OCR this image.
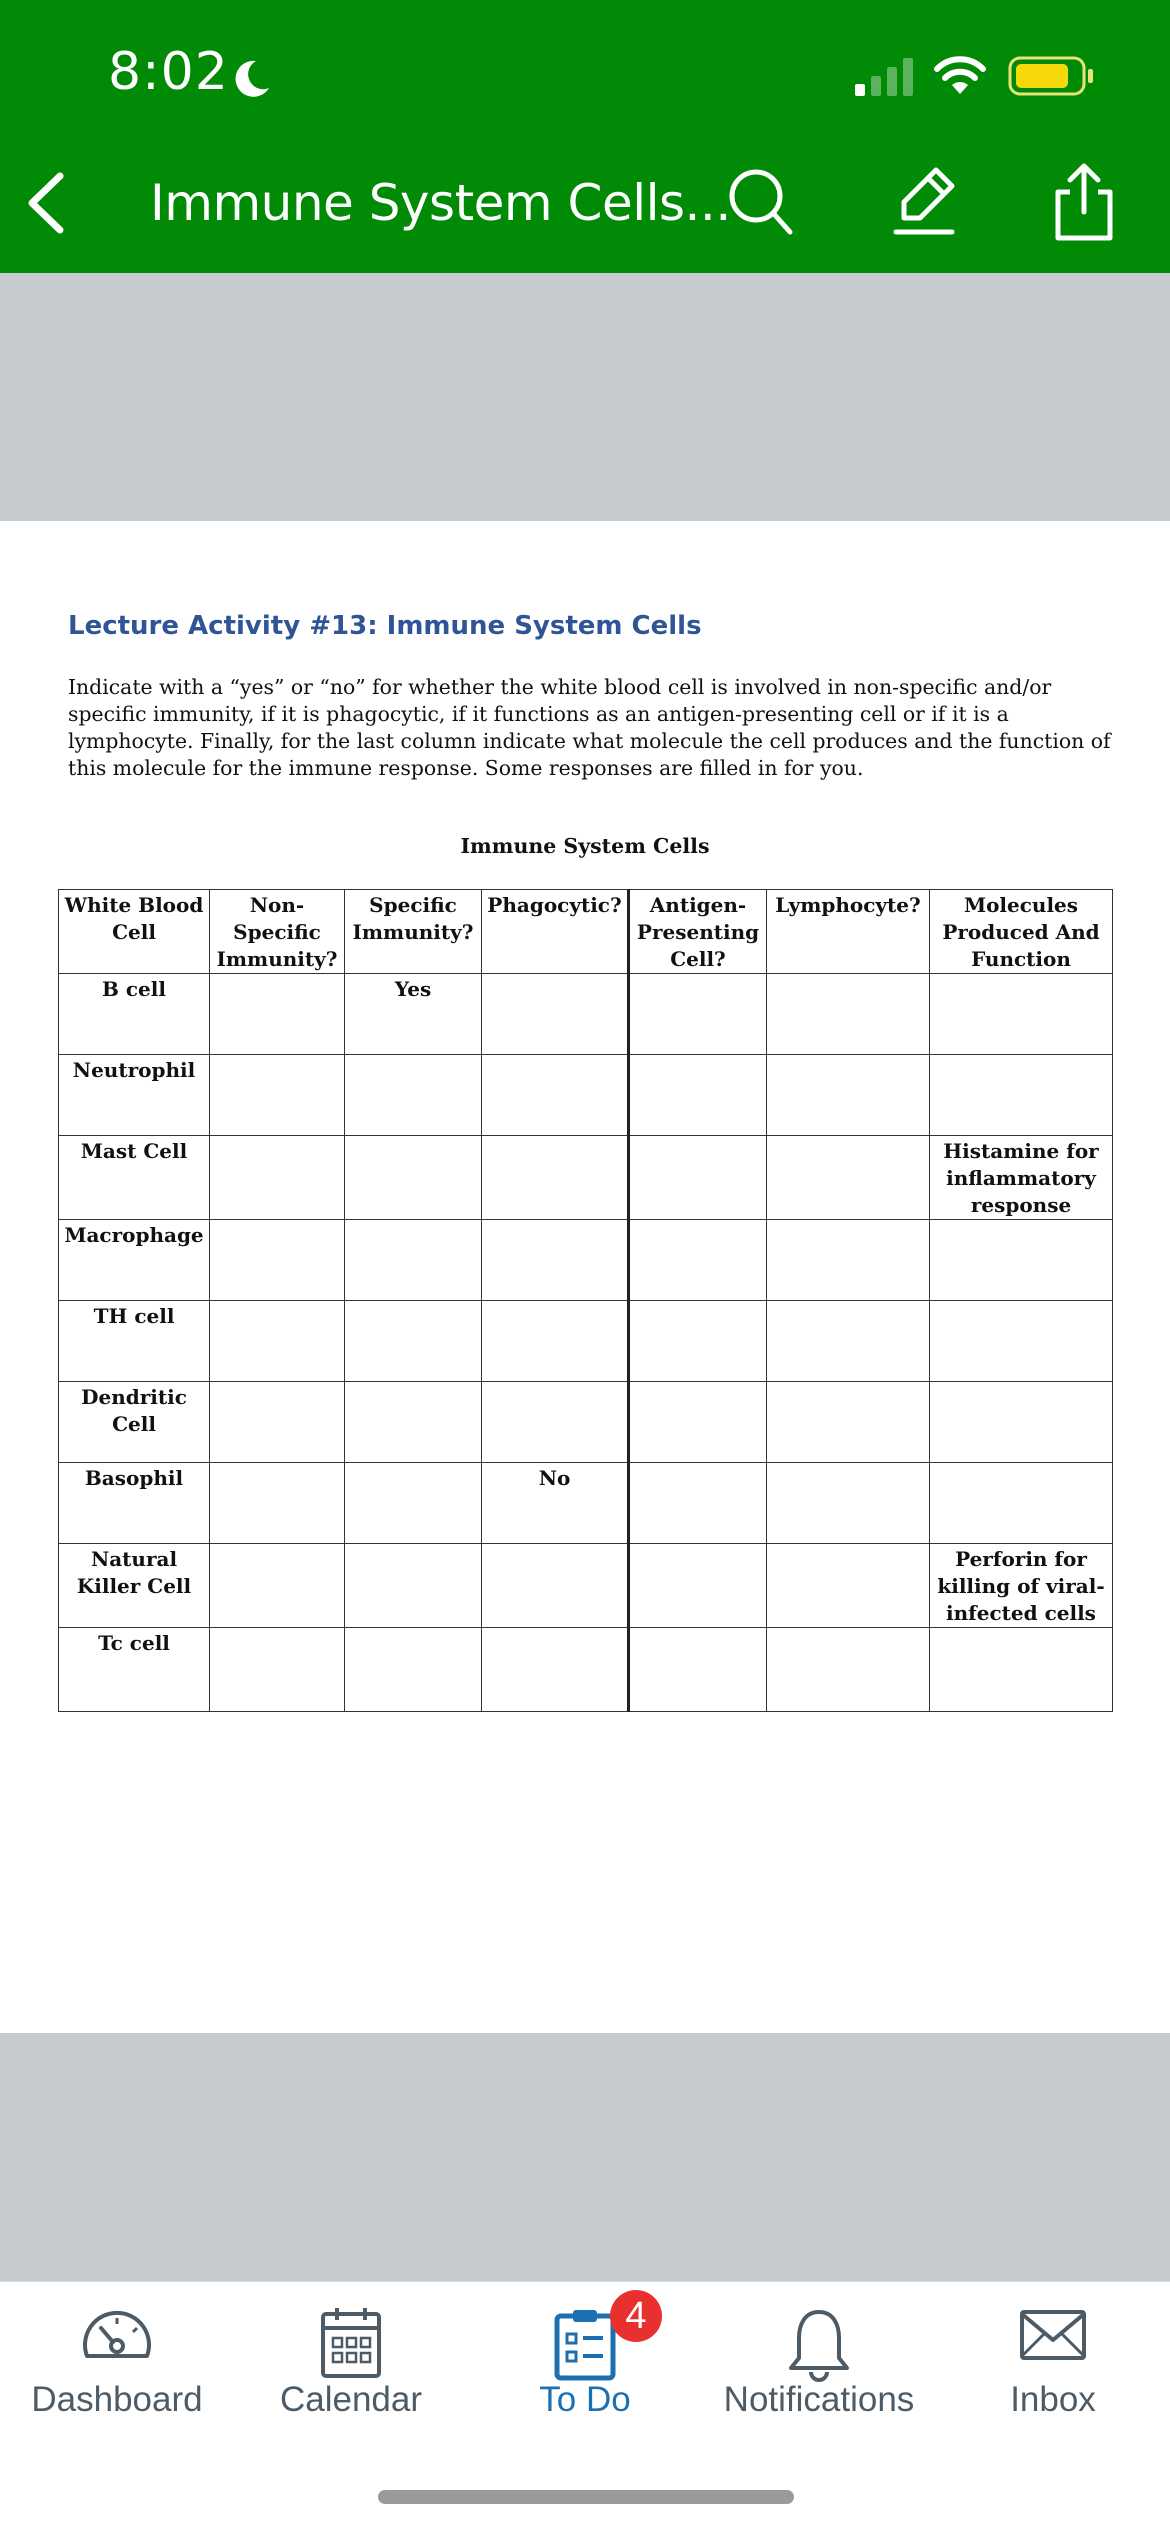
8:02
Immune System Cells...
Lecture Activity #13: Immune System Cells
Indicate with a “yes” or “no” for whether the white blood cell is involved in non-specific and/or specific immunity, if it is phagocytic, if it functions as an antigen-presenting cell or if it is a lymphocyte. Finally, for the last column indicate what molecule the cell produces and the function of this molecule for the immune response. Some responses are filled in for you.
Immune System Cells
White Blood Cell	Non-Specific Immunity?	Specific Immunity?	Phagocytic?	Antigen-Presenting Cell?	Lymphocyte?	Molecules Produced And Function
B cell		Yes				
Neutrophil						
Mast Cell						Histamine for inflammatory response
Macrophage						
TH cell						
Dendritic Cell						
Basophil			No			
Natural Killer Cell						Perforin for killing of viral-infected cells
Tc cell						
Dashboard	Calendar	To Do	Notifications	Inbox
4
